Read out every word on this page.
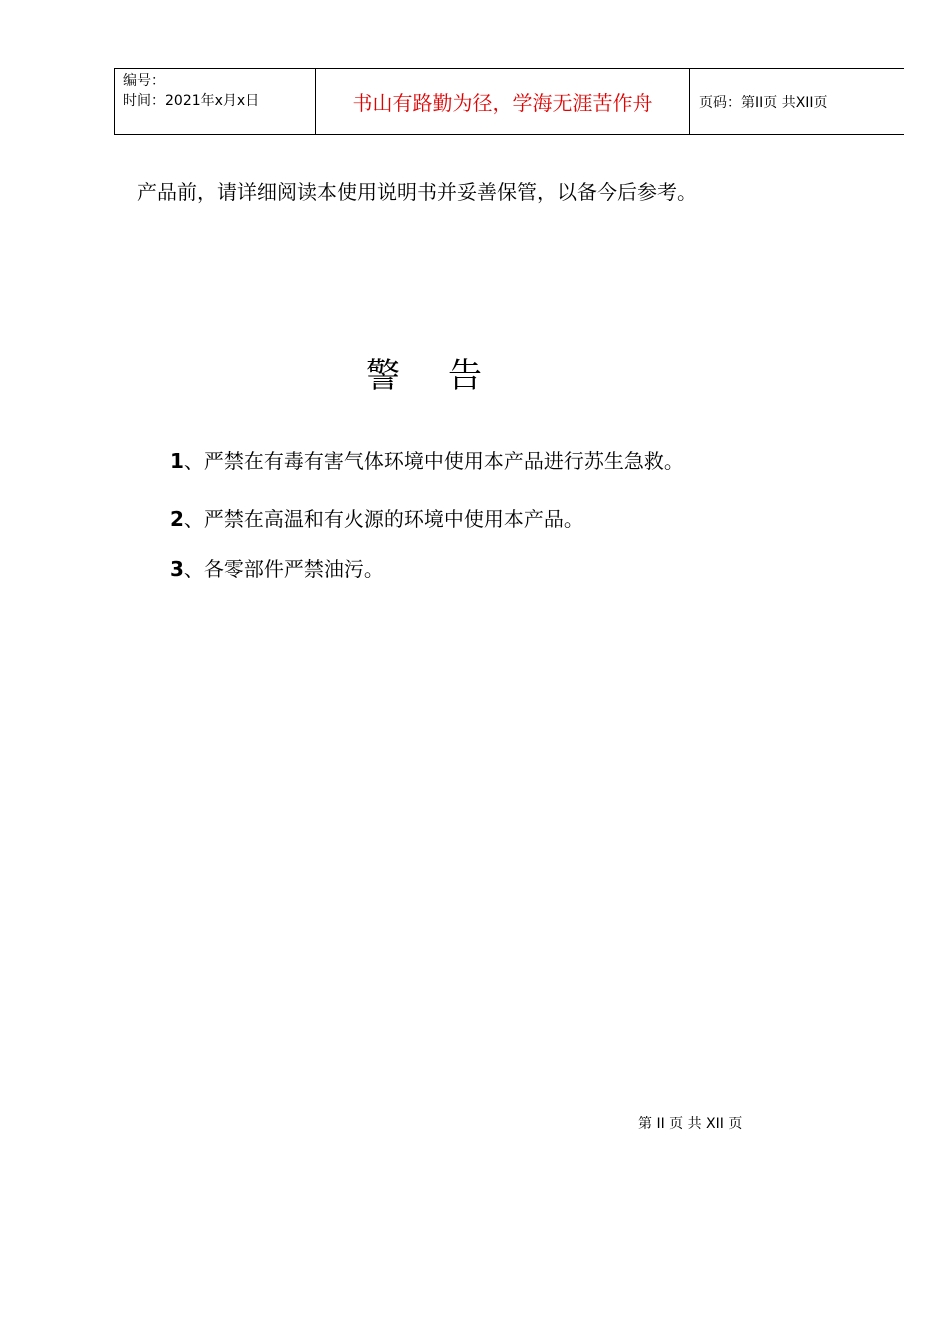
编号：
时间：2021年x月x日	书山有路勤为径，学海无涯苦作舟	页码：第II页 共XII页
产品前，请详细阅读本使用说明书并妥善保管，以备今后参考。
警告
1、严禁在有毒有害气体环境中使用本产品进行苏生急救。
2、严禁在高温和有火源的环境中使用本产品。
3、各零部件严禁油污。
第 II 页 共 XII 页
